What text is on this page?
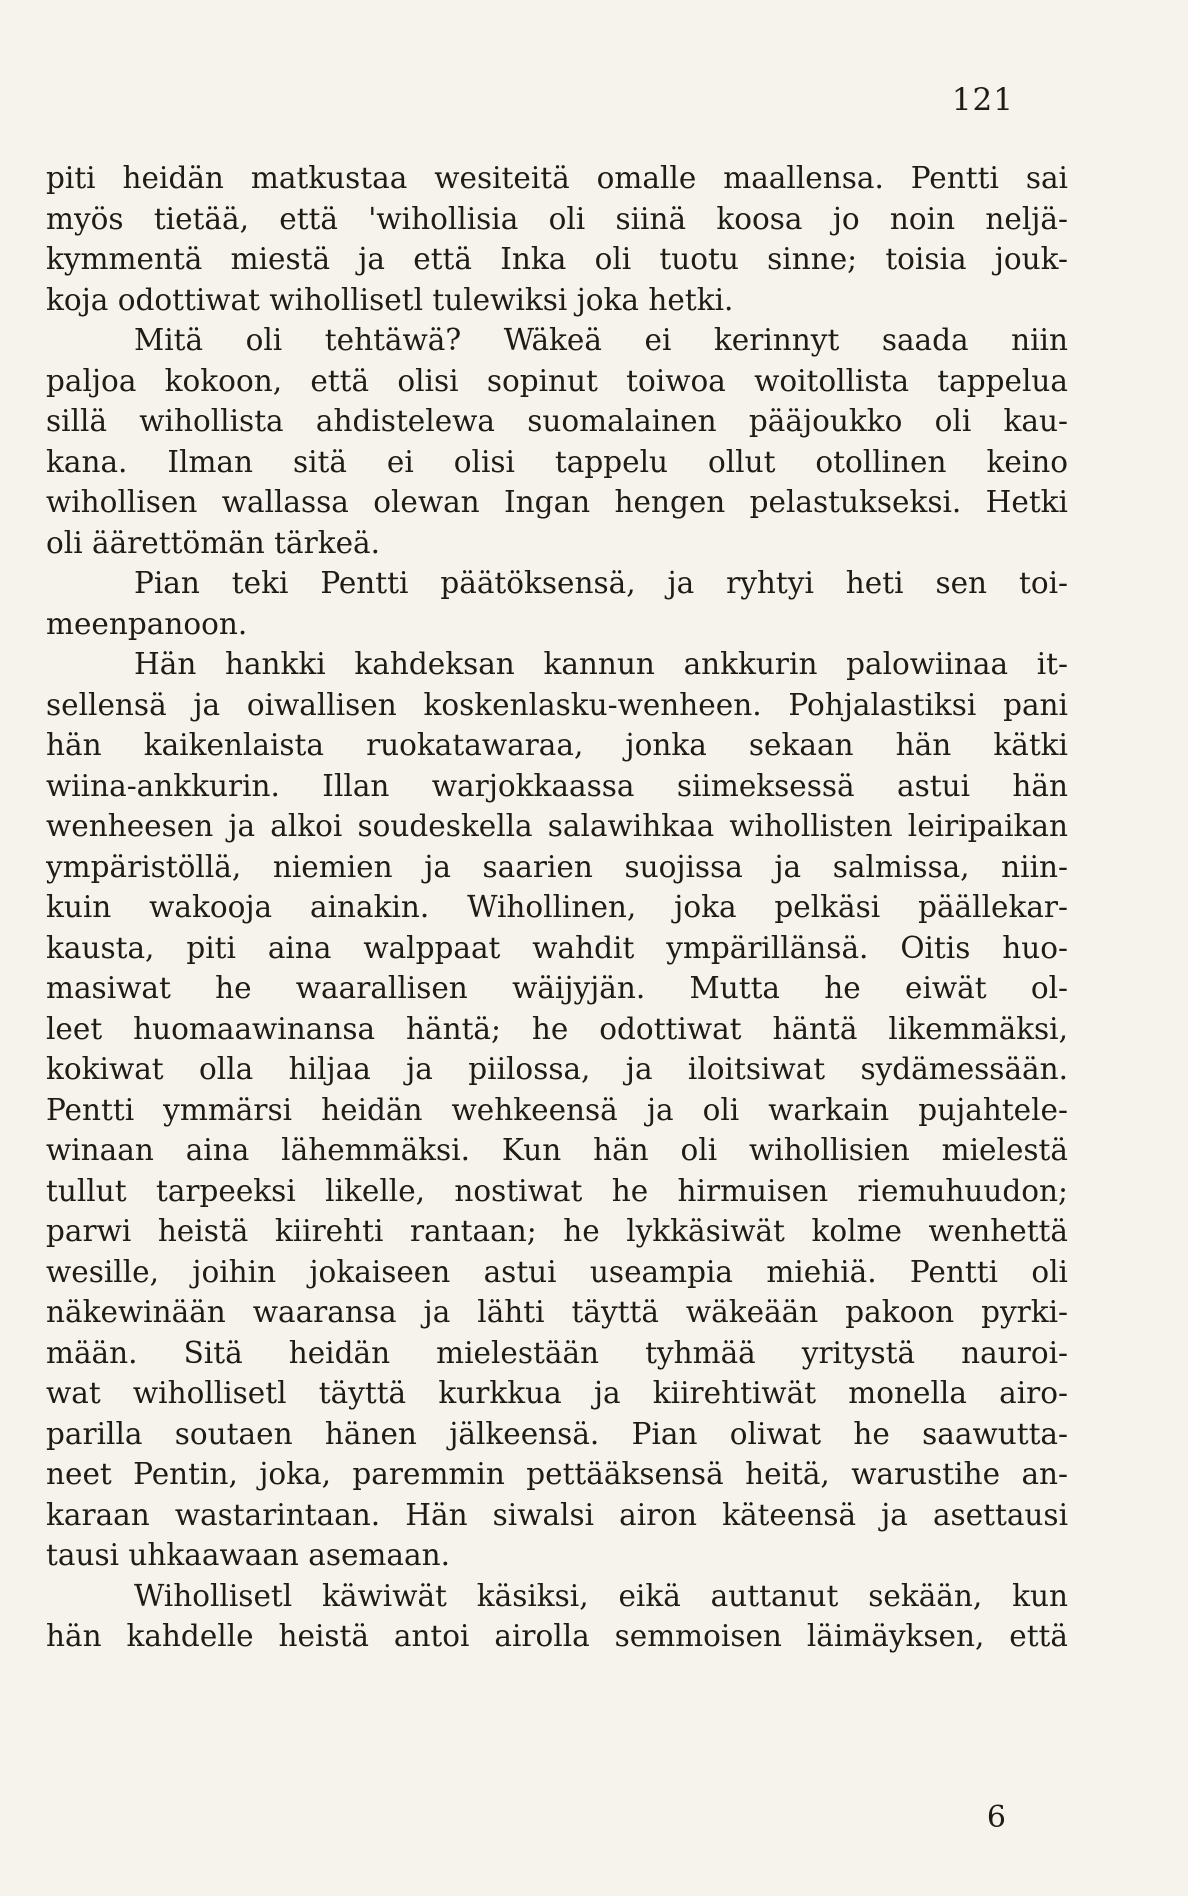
121
piti heidän matkustaa wesiteitä omalle maallensa. Pentti sai
myös tietää, että 'wihollisia oli siinä koosa jo noin neljä-
kymmentä miestä ja että Inka oli tuotu sinne; toisia jouk-
koja odottiwat wihollisetl tulewiksi joka hetki.
Mitä oli tehtäwä? Wäkeä ei kerinnyt saada niin
paljoa kokoon, että olisi sopinut toiwoa woitollista tappelua
sillä wihollista ahdistelewa suomalainen pääjoukko oli kau-
kana. Ilman sitä ei olisi tappelu ollut otollinen keino
wihollisen wallassa olewan Ingan hengen pelastukseksi. Hetki
oli äärettömän tärkeä.
Pian teki Pentti päätöksensä, ja ryhtyi heti sen toi-
meenpanoon.
Hän hankki kahdeksan kannun ankkurin palowiinaa it-
sellensä ja oiwallisen koskenlasku-wenheen. Pohjalastiksi pani
hän kaikenlaista ruokatawaraa, jonka sekaan hän kätki
wiina-ankkurin. Illan warjokkaassa siimeksessä astui hän
wenheesen ja alkoi soudeskella salawihkaa wihollisten leiripaikan
ympäristöllä, niemien ja saarien suojissa ja salmissa, niin-
kuin wakooja ainakin. Wihollinen, joka pelkäsi päällekar-
kausta, piti aina walppaat wahdit ympärillänsä. Oitis huo-
masiwat he waarallisen wäijyjän. Mutta he eiwät ol-
leet huomaawinansa häntä; he odottiwat häntä likemmäksi,
kokiwat olla hiljaa ja piilossa, ja iloitsiwat sydämessään.
Pentti ymmärsi heidän wehkeensä ja oli warkain pujahtele-
winaan aina lähemmäksi. Kun hän oli wihollisien mielestä
tullut tarpeeksi likelle, nostiwat he hirmuisen riemuhuudon;
parwi heistä kiirehti rantaan; he lykkäsiwät kolme wenhettä
wesille, joihin jokaiseen astui useampia miehiä. Pentti oli
näkewinään waaransa ja lähti täyttä wäkeään pakoon pyrki-
mään. Sitä heidän mielestään tyhmää yritystä nauroi-
wat wihollisetl täyttä kurkkua ja kiirehtiwät monella airo-
parilla soutaen hänen jälkeensä. Pian oliwat he saawutta-
neet Pentin, joka, paremmin pettääksensä heitä, warustihe an-
karaan wastarintaan. Hän siwalsi airon käteensä ja asettausi
tausi uhkaawaan asemaan.
Wihollisetl käwiwät käsiksi, eikä auttanut sekään, kun
hän kahdelle heistä antoi airolla semmoisen läimäyksen, että
6
